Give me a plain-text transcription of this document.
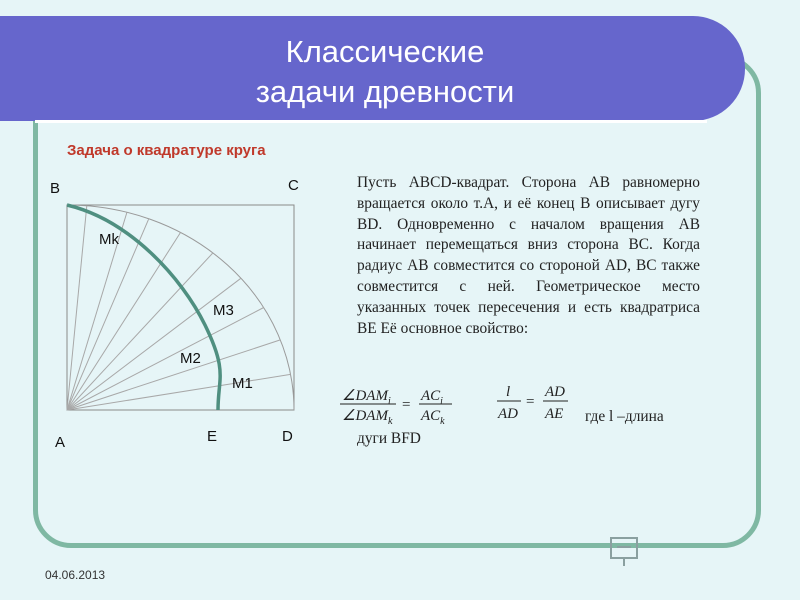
Классические
задачи древности
Задача о квадратуре круга
B	C
A	E	D
Mk
M3
M2
M1
Пусть ABCD-квадрат. Сторона AB равномерно вращается около т.A, и её конец B описывает дугу BD. Одновременно с началом вращения AB начинает перемещаться вниз сторона BC. Когда радиус AB совместится со стороной AD, BC также совместится с ней. Геометрическое место указанных точек пересечения и есть квадратриса BE Её основное свойство:
$\angle DAM_i$
$\angle DAM_k$
=
$AC_i$
$AC_k$
l
AD
=
AD
AE где l –длина
дуги BFD
04.06.2013
